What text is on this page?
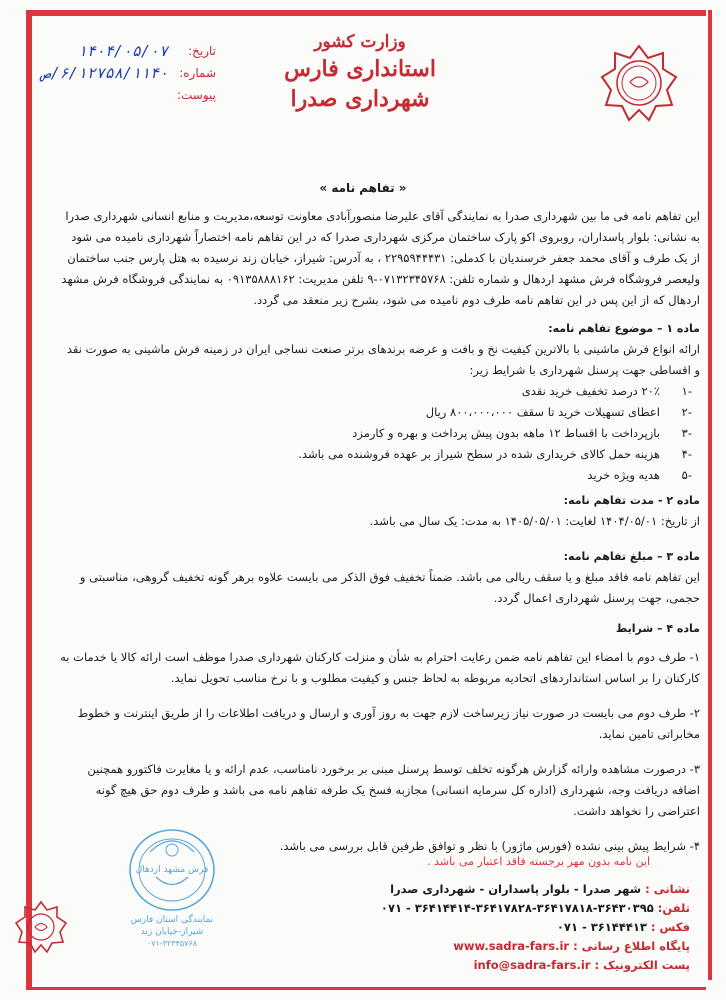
وزارت کشور
استانداری فارس
شهرداری صدرا
تاریخ:
۱۴۰۴/۰۵/۰۷
شماره:
۶/۱۲۷۵۸/۱۱۴۰/ص
پیوست:
« تفاهم نامه »

این تفاهم نامه فی ما بین شهرداری صدرا به نمایندگی آقای علیرضا منصورآبادی معاونت توسعه،مدیریت و منابع انسانی شهرداری صدرا به نشانی: بلوار پاسداران، روبروی اکو پارک ساختمان مرکزی شهرداری صدرا که در این تفاهم نامه اختصاراً شهرداری نامیده می شود از یک طرف و آقای محمد جعفر خرسندیان با کدملی: ۲۲۹۵۹۴۴۴۳۱ ، به آدرس: شیراز، خیابان زند نرسیده به هتل پارس جنب ساختمان ولیعصر فروشگاه فرش مشهد اردهال و شماره تلفن: ۰۷۱۳۲۳۴۵۷۶۸-۹ تلفن مدیریت: ۰۹۱۳۵۸۸۸۱۶۲ به نمایندگی فروشگاه فرش مشهد اردهال که از این پس در این تفاهم نامه طرف دوم نامیده می شود، بشرح زیر منعقد می گردد.

ماده ۱ – موضوع تفاهم نامه:

ارائه انواع فرش ماشینی با بالاترین کیفیت نخ و بافت و عرضه برندهای برتر صنعت نساجی ایران در زمینه فرش ماشینی به صورت نقد و اقساطی جهت پرسنل شهرداری با شرایط زیر:

-۱
۲۰٪ درصد تخفیف خرید نقدی
-۲
اعطای تسهیلات خرید تا سقف ۸۰۰،۰۰۰،۰۰۰ ریال
-۳
بازپرداخت با اقساط ۱۲ ماهه بدون پیش پرداخت و بهره و کارمزد
-۴
هزینه حمل کالای خریداری شده در سطح شیراز بر عهده فروشنده می باشد.
-۵
هدیه ویژه خرید

ماده ۲ - مدت تفاهم نامه:

از تاریخ: ۱۴۰۴/۰۵/۰۱ لغایت: ۱۴۰۵/۰۵/۰۱ به مدت: یک سال می باشد.

ماده ۳ – مبلغ تفاهم نامه:

این تفاهم نامه فاقد مبلغ و یا سقف ریالی می باشد. ضمناً تخفیف فوق الذکر می بایست علاوه برهر گونه تخفیف گروهی، مناسبتی و حجمی، جهت پرسنل شهرداری اعمال گردد.

ماده ۴ – شرایط

۱- طرف دوم با امضاء این تفاهم نامه ضمن رعایت احترام به شأن و منزلت کارکنان شهرداری صدرا موظف است ارائه کالا یا خدمات به کارکنان را بر اساس استانداردهای اتحادیه مربوطه به لحاظ جنس و کیفیت مطلوب و با نرخ مناسب تحویل نماید.

۲- طرف دوم می بایست در صورت نیاز زیرساخت لازم جهت به روز آوری و ارسال و دریافت اطلاعات را از طریق اینترنت و خطوط مخابراتی تامین نماید.

۳- درصورت مشاهده وارائه گزارش هرگونه تخلف توسط پرسنل مبنی بر برخورد نامناسب، عدم ارائه و یا مغایرت فاکتورو همچنین اضافه دریافت وجه، شهرداری (اداره کل سرمایه انسانی) مجازبه فسخ یک طرفه تفاهم نامه می باشد و طرف دوم حق هیچ گونه اعتراضی را نخواهد داشت.

۴- شرایط پیش بینی نشده (فورس ماژور) با نظر و توافق طرفین قابل بررسی می باشد.

این نامه بدون مهر برجسته فاقد اعتبار می باشد .
فرش مشهد اردهال
نمایندگی استان فارس
شیراز-خیابان زند
۰۷۱-۳۲۳۴۵۷۶۸
نشانی : شهر صدرا - بلوار پاسداران - شهرداری صدرا
تلفن: ۳۶۴۳۰۳۹۵-۳۶۴۱۷۸۱۸-۳۶۴۱۷۸۲۸-۳۶۴۱۴۴۱۴ - ۰۷۱
فکس : ۳۶۱۴۴۴۱۳ - ۰۷۱
پایگاه اطلاع رسانی : www.sadra-fars.ir
پست الکترونیک : info@sadra-fars.ir
